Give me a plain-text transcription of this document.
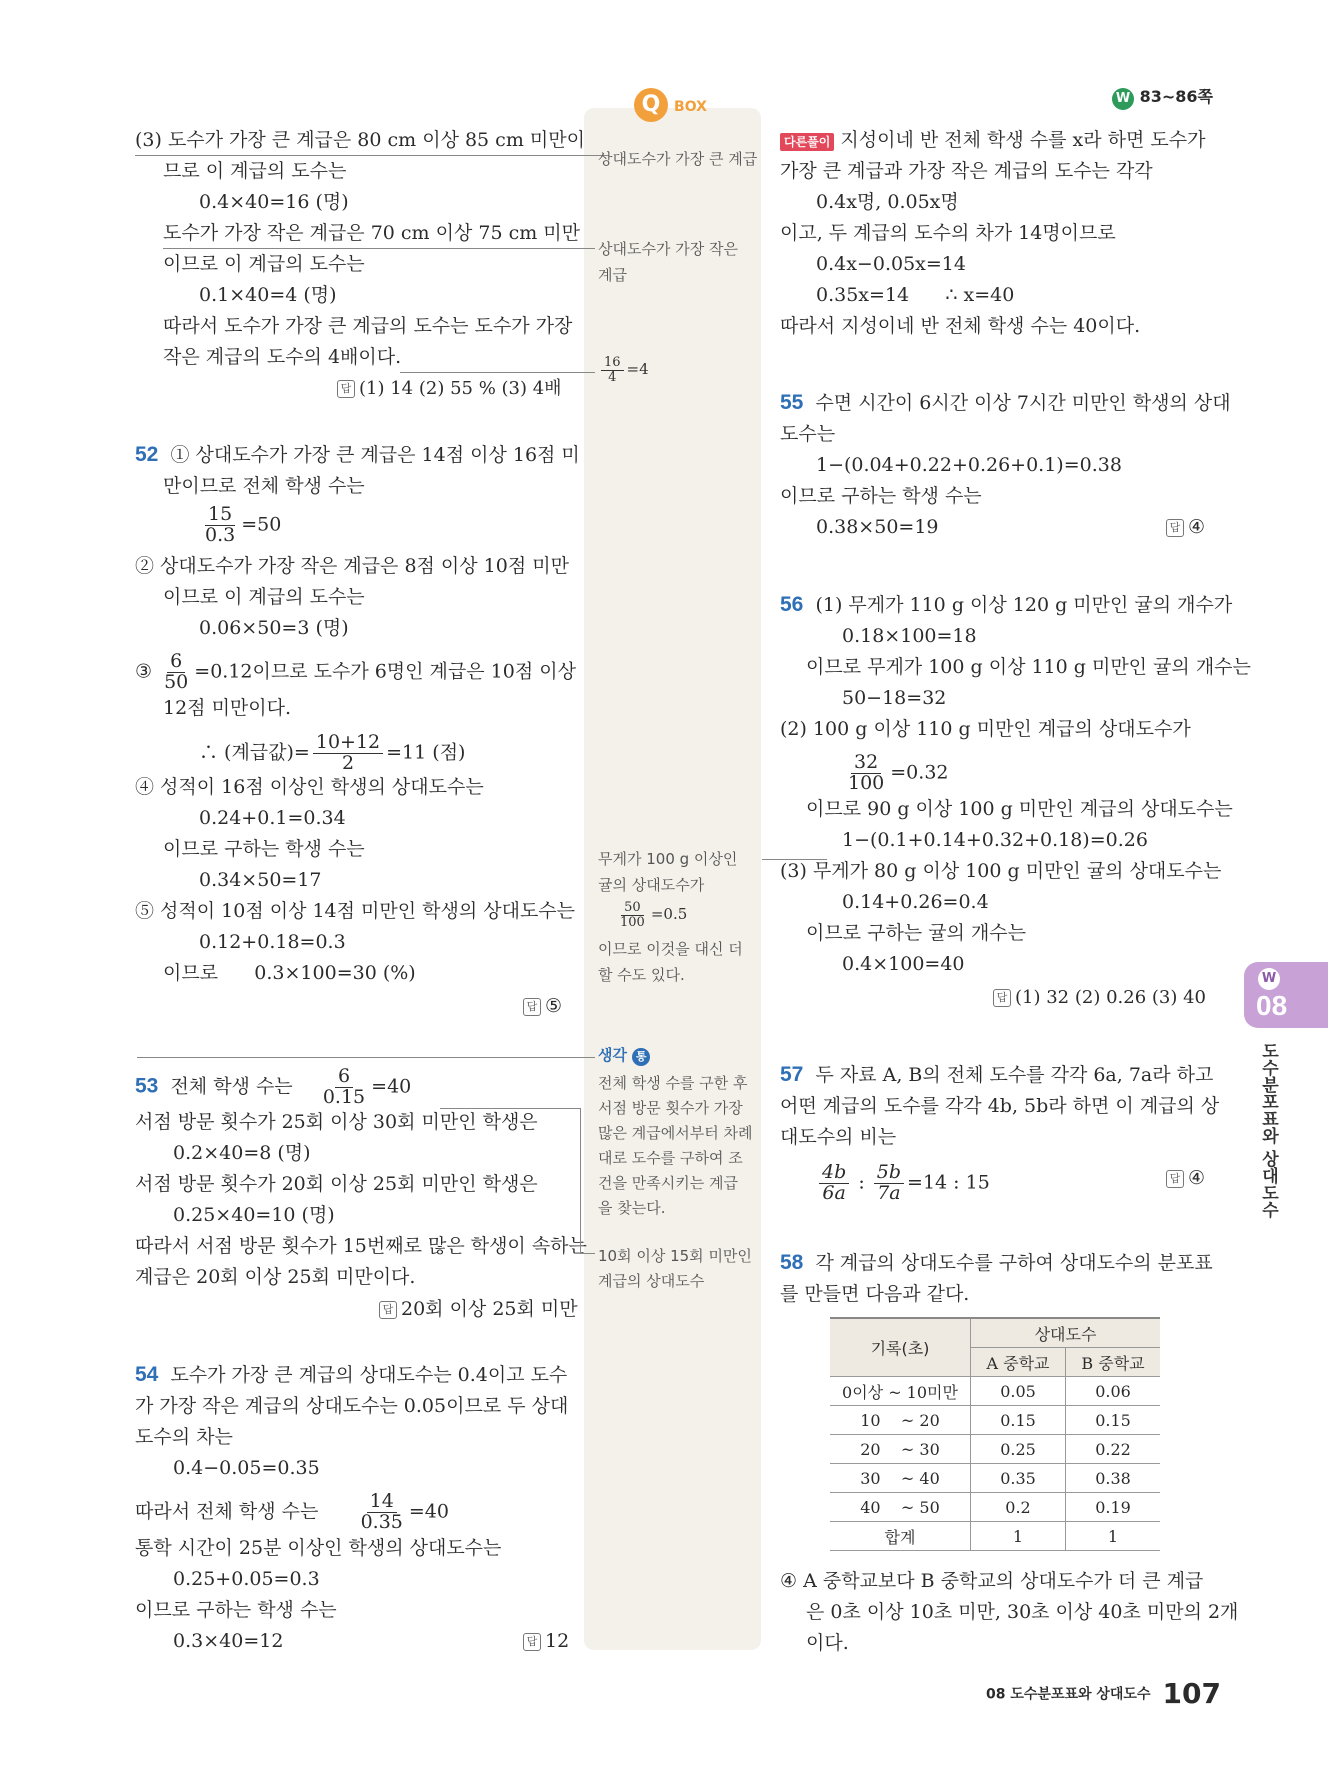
W 83~86쪽
Q BOX
(3) 도수가 가장 큰 계급은 80 cm 이상 85 cm 미만이
므로 이 계급의 도수는
0.4×40=16 (명)
도수가 가장 작은 계급은 70 cm 이상 75 cm 미만
이므로 이 계급의 도수는
0.1×40=4 (명)
따라서 도수가 가장 큰 계급의 도수는 도수가 가장
작은 계급의 도수의 4배이다.
답 (1) 14 (2) 55 % (3) 4배
52 ① 상대도수가 가장 큰 계급은 14점 이상 16점 미
만이므로 전체 학생 수는
$\frac{15}{0.3} =50$
② 상대도수가 가장 작은 계급은 8점 이상 10점 미만
이므로 이 계급의 도수는
0.06×50=3 (명)
③ $\frac{6}{50} =0.12$이므로 도수가 6명인 계급은 10점 이상
12점 미만이다.
∴ (계급값)= $\frac{10+12}{2} =11$ (점)
④ 성적이 16점 이상인 학생의 상대도수는
0.24+0.1=0.34
이므로 구하는 학생 수는
0.34×50=17
⑤ 성적이 10점 이상 14점 미만인 학생의 상대도수는
0.12+0.18=0.3
이므로      0.3×100=30 (%)
답 ⑤
53 전체 학생 수는 $\frac{6}{0.15} =40$
서점 방문 횟수가 25회 이상 30회 미만인 학생은
0.2×40=8 (명)
서점 방문 횟수가 20회 이상 25회 미만인 학생은
0.25×40=10 (명)
따라서 서점 방문 횟수가 15번째로 많은 학생이 속하는
계급은 20회 이상 25회 미만이다.
답 20회 이상 25회 미만
54 도수가 가장 큰 계급의 상대도수는 0.4이고 도수
가 가장 작은 계급의 상대도수는 0.05이므로 두 상대
도수의 차는
0.4−0.05=0.35
따라서 전체 학생 수는 $\frac{14}{0.35} =40$
통학 시간이 25분 이상인 학생의 상대도수는
0.25+0.05=0.3
이므로 구하는 학생 수는
0.3×40=12	답 12
상대도수가 가장 큰 계급
상대도수가 가장 작은
계급
$\frac{16}{4} =4$
무게가 100 g 이상인
귤의 상대도수가
$\frac{50}{100} =0.5$
이므로 이것을 대신 더
할 수도 있다.
생각 통
전체 학생 수를 구한 후
서점 방문 횟수가 가장
많은 계급에서부터 차례
대로 도수를 구하여 조
건을 만족시키는 계급
을 찾는다.
10회 이상 15회 미만인
계급의 상대도수
다른풀이 지성이네 반 전체 학생 수를 x라 하면 도수가
가장 큰 계급과 가장 작은 계급의 도수는 각각
0.4x명, 0.05x명
이고, 두 계급의 도수의 차가 14명이므로
0.4x−0.05x=14
0.35x=14      ∴ x=40
따라서 지성이네 반 전체 학생 수는 40이다.
55 수면 시간이 6시간 이상 7시간 미만인 학생의 상대
도수는
1−(0.04+0.22+0.26+0.1)=0.38
이므로 구하는 학생 수는
0.38×50=19	답 ④
56 (1) 무게가 110 g 이상 120 g 미만인 귤의 개수가
0.18×100=18
이므로 무게가 100 g 이상 110 g 미만인 귤의 개수는
50−18=32
(2) 100 g 이상 110 g 미만인 계급의 상대도수가
$\frac{32}{100} =0.32$
이므로 90 g 이상 100 g 미만인 계급의 상대도수는
1−(0.1+0.14+0.32+0.18)=0.26
(3) 무게가 80 g 이상 100 g 미만인 귤의 상대도수는
0.14+0.26=0.4
이므로 구하는 귤의 개수는
0.4×100=40
답 (1) 32 (2) 0.26 (3) 40
57 두 자료 A, B의 전체 도수를 각각 6a, 7a라 하고
어떤 계급의 도수를 각각 4b, 5b라 하면 이 계급의 상
대도수의 비는
$\frac{4b}{6a}$ : $\frac{5b}{7a} =14$ : 15	답 ④
58 각 계급의 상대도수를 구하여 상대도수의 분포표
를 만들면 다음과 같다.
기록(초)	상대도수	
	A 중학교	B 중학교
0이상 ~ 10미만	0.05	0.06
10    ~ 20	0.15	0.15
20    ~ 30	0.25	0.22
30    ~ 40	0.35	0.38
40    ~ 50	0.2	0.19
합계	1	1
④ A 중학교보다 B 중학교의 상대도수가 더 큰 계급
은 0초 이상 10초 미만, 30초 이상 40초 미만의 2개
이다.
W
08
도수분포표와 상대도수
08 도수분포표와 상대도수 107
